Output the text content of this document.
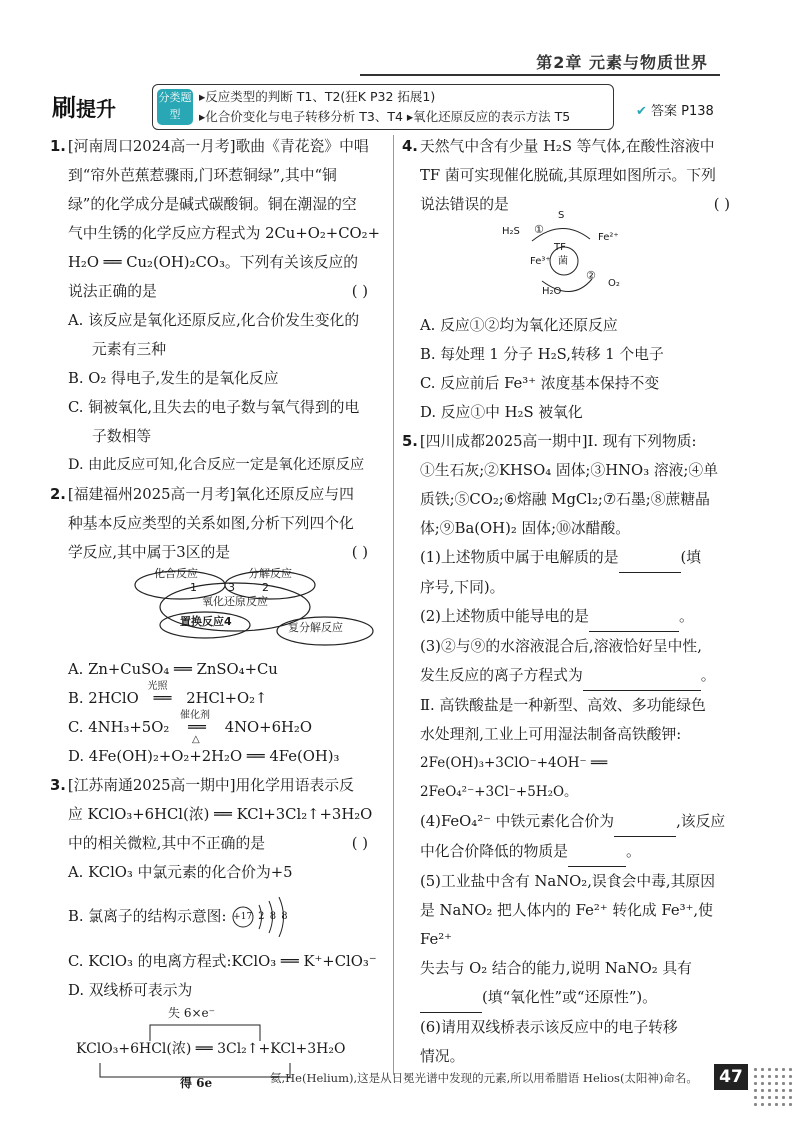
第2章 元素与物质世界
刷提升	分类题型
▸反应类型的判断 T1、T2(狂K P32 拓展1)
▸化合价变化与电子转移分析 T3、T4 ▸氧化还原反应的表示方法 T5	✔ 答案 P138

1. [河南周口2024高一月考]歌曲《青花瓷》中唱

到“帘外芭蕉惹骤雨,门环惹铜绿”,其中“铜

绿”的化学成分是碱式碳酸铜。铜在潮湿的空

气中生锈的化学反应方程式为 2Cu+O₂+CO₂+

H₂O ══ Cu₂(OH)₂CO₃。下列有关该反应的

说法正确的是	( )

A. 该反应是氧化还原反应,化合价发生变化的

元素有三种

B. O₂ 得电子,发生的是氧化反应

C. 铜被氧化,且失去的电子数与氧气得到的电

子数相等

D. 由此反应可知,化合反应一定是氧化还原反应

2. [福建福州2025高一月考]氧化还原反应与四

种基本反应类型的关系如图,分析下列四个化

学反应,其中属于3区的是	( )

化合反应	分解反应
1	3 2
氧化还原反应
置换反应4	复分解反应

A. Zn+CuSO₄ ══ ZnSO₄+Cu

B. 2HClO
光照
══ 2HCl+O₂↑

C. 4NH₃+5O₂
催化剂
══
△
4NO+6H₂O

D. 4Fe(OH)₂+O₂+2H₂O ══ 4Fe(OH)₃

3. [江苏南通2025高一期中]用化学用语表示反

应 KClO₃+6HCl(浓) ══ KCl+3Cl₂↑+3H₂O

中的相关微粒,其中不正确的是	( )

A. KClO₃ 中氯元素的化合价为+5

B. 氯离子的结构示意图: +17 2 8 8

C. KClO₃ 的电离方程式:KClO₃ ══ K⁺+ClO₃⁻

D. 双线桥可表示为

失 6×e⁻
KClO₃+6HCl(浓) ══ 3Cl₂↑+KCl+3H₂O
得 6e

4. 天然气中含有少量 H₂S 等气体,在酸性溶液中

TF 菌可实现催化脱硫,其原理如图所示。下列

说法错误的是	( )

H₂S ①
S
Fe²⁺
TF
菌
Fe³⁺
②
O₂
H₂O

A. 反应①②均为氧化还原反应

B. 每处理 1 分子 H₂S,转移 1 个电子

C. 反应前后 Fe³⁺ 浓度基本保持不变

D. 反应①中 H₂S 被氧化

5. [四川成都2025高一期中]Ⅰ. 现有下列物质:

①生石灰;②KHSO₄ 固体;③HNO₃ 溶液;④单

质铁;⑤CO₂;⑥熔融 MgCl₂;⑦石墨;⑧蔗糖晶

体;⑨Ba(OH)₂ 固体;⑩冰醋酸。

(1)上述物质中属于电解质的是	(填

序号,下同)。

(2)上述物质中能导电的是	。

(3)②与⑨的水溶液混合后,溶液恰好呈中性,

发生反应的离子方程式为	。

Ⅱ. 高铁酸盐是一种新型、高效、多功能绿色

水处理剂,工业上可用湿法制备高铁酸钾:

2Fe(OH)₃+3ClO⁻+4OH⁻ ══ 2FeO₄²⁻+3Cl⁻+5H₂O。

(4)FeO₄²⁻ 中铁元素化合价为	,该反应

中化合价降低的物质是	。

(5)工业盐中含有 NaNO₂,误食会中毒,其原因

是 NaNO₂ 把人体内的 Fe²⁺ 转化成 Fe³⁺,使 Fe²⁺

失去与 O₂ 结合的能力,说明 NaNO₂ 具有

(填“氧化性”或“还原性”)。

(6)请用双线桥表示该反应中的电子转移

情况。

氦,He(Helium),这是从日冕光谱中发现的元素,所以用希腊语 Helios(太阳神)命名。	47
